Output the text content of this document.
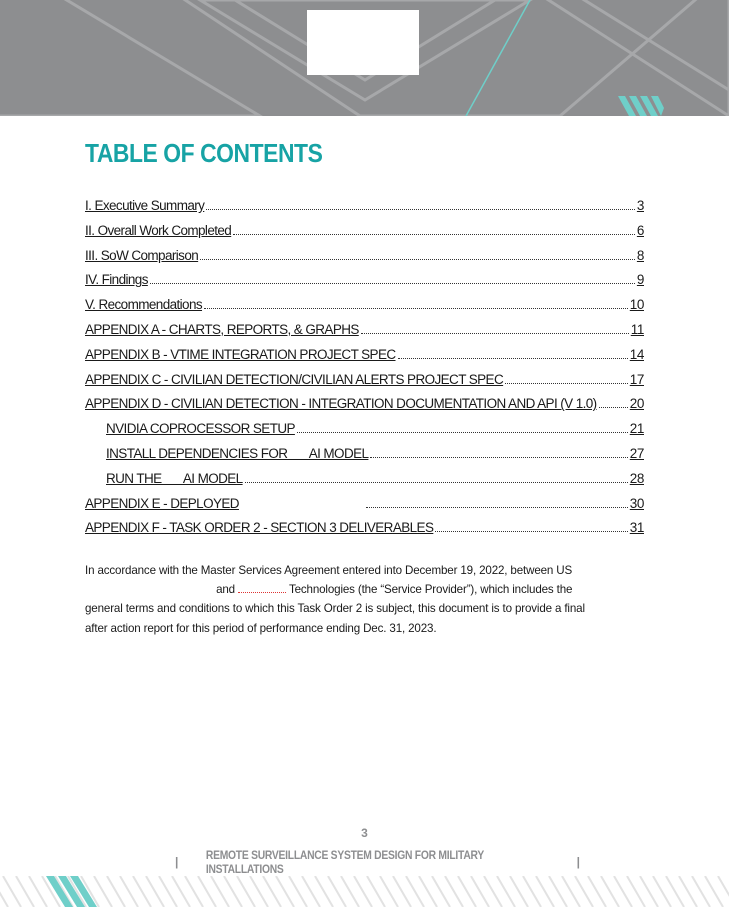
TABLE OF CONTENTS
I. Executive Summary	3
II. Overall Work Completed	6
III. SoW Comparison	8
IV. Findings	9
V. Recommendations	10
APPENDIX A - CHARTS, REPORTS, & GRAPHS	11
APPENDIX B - VTIME INTEGRATION PROJECT SPEC	14
APPENDIX C - CIVILIAN DETECTION/CIVILIAN ALERTS PROJECT SPEC	17
APPENDIX D - CIVILIAN DETECTION - INTEGRATION DOCUMENTATION AND API (V 1.0) 20
NVIDIA COPROCESSOR SETUP	21
INSTALL DEPENDENCIES FOR       AI MODEL	27
RUN THE       AI MODEL	28
APPENDIX E - DEPLOYED	30
APPENDIX F - TASK ORDER 2 - SECTION 3 DELIVERABLES	31

In accordance with the Master Services Agreement entered into December 19, 2022, between US
and	Technologies (the “Service Provider”), which includes the
general terms and conditions to which this Task Order 2 is subject, this document is to provide a final
after action report for this period of performance ending Dec. 31, 2023.

3
| REMOTE SURVEILLANCE SYSTEM DESIGN FOR MILITARY INSTALLATIONS	|
